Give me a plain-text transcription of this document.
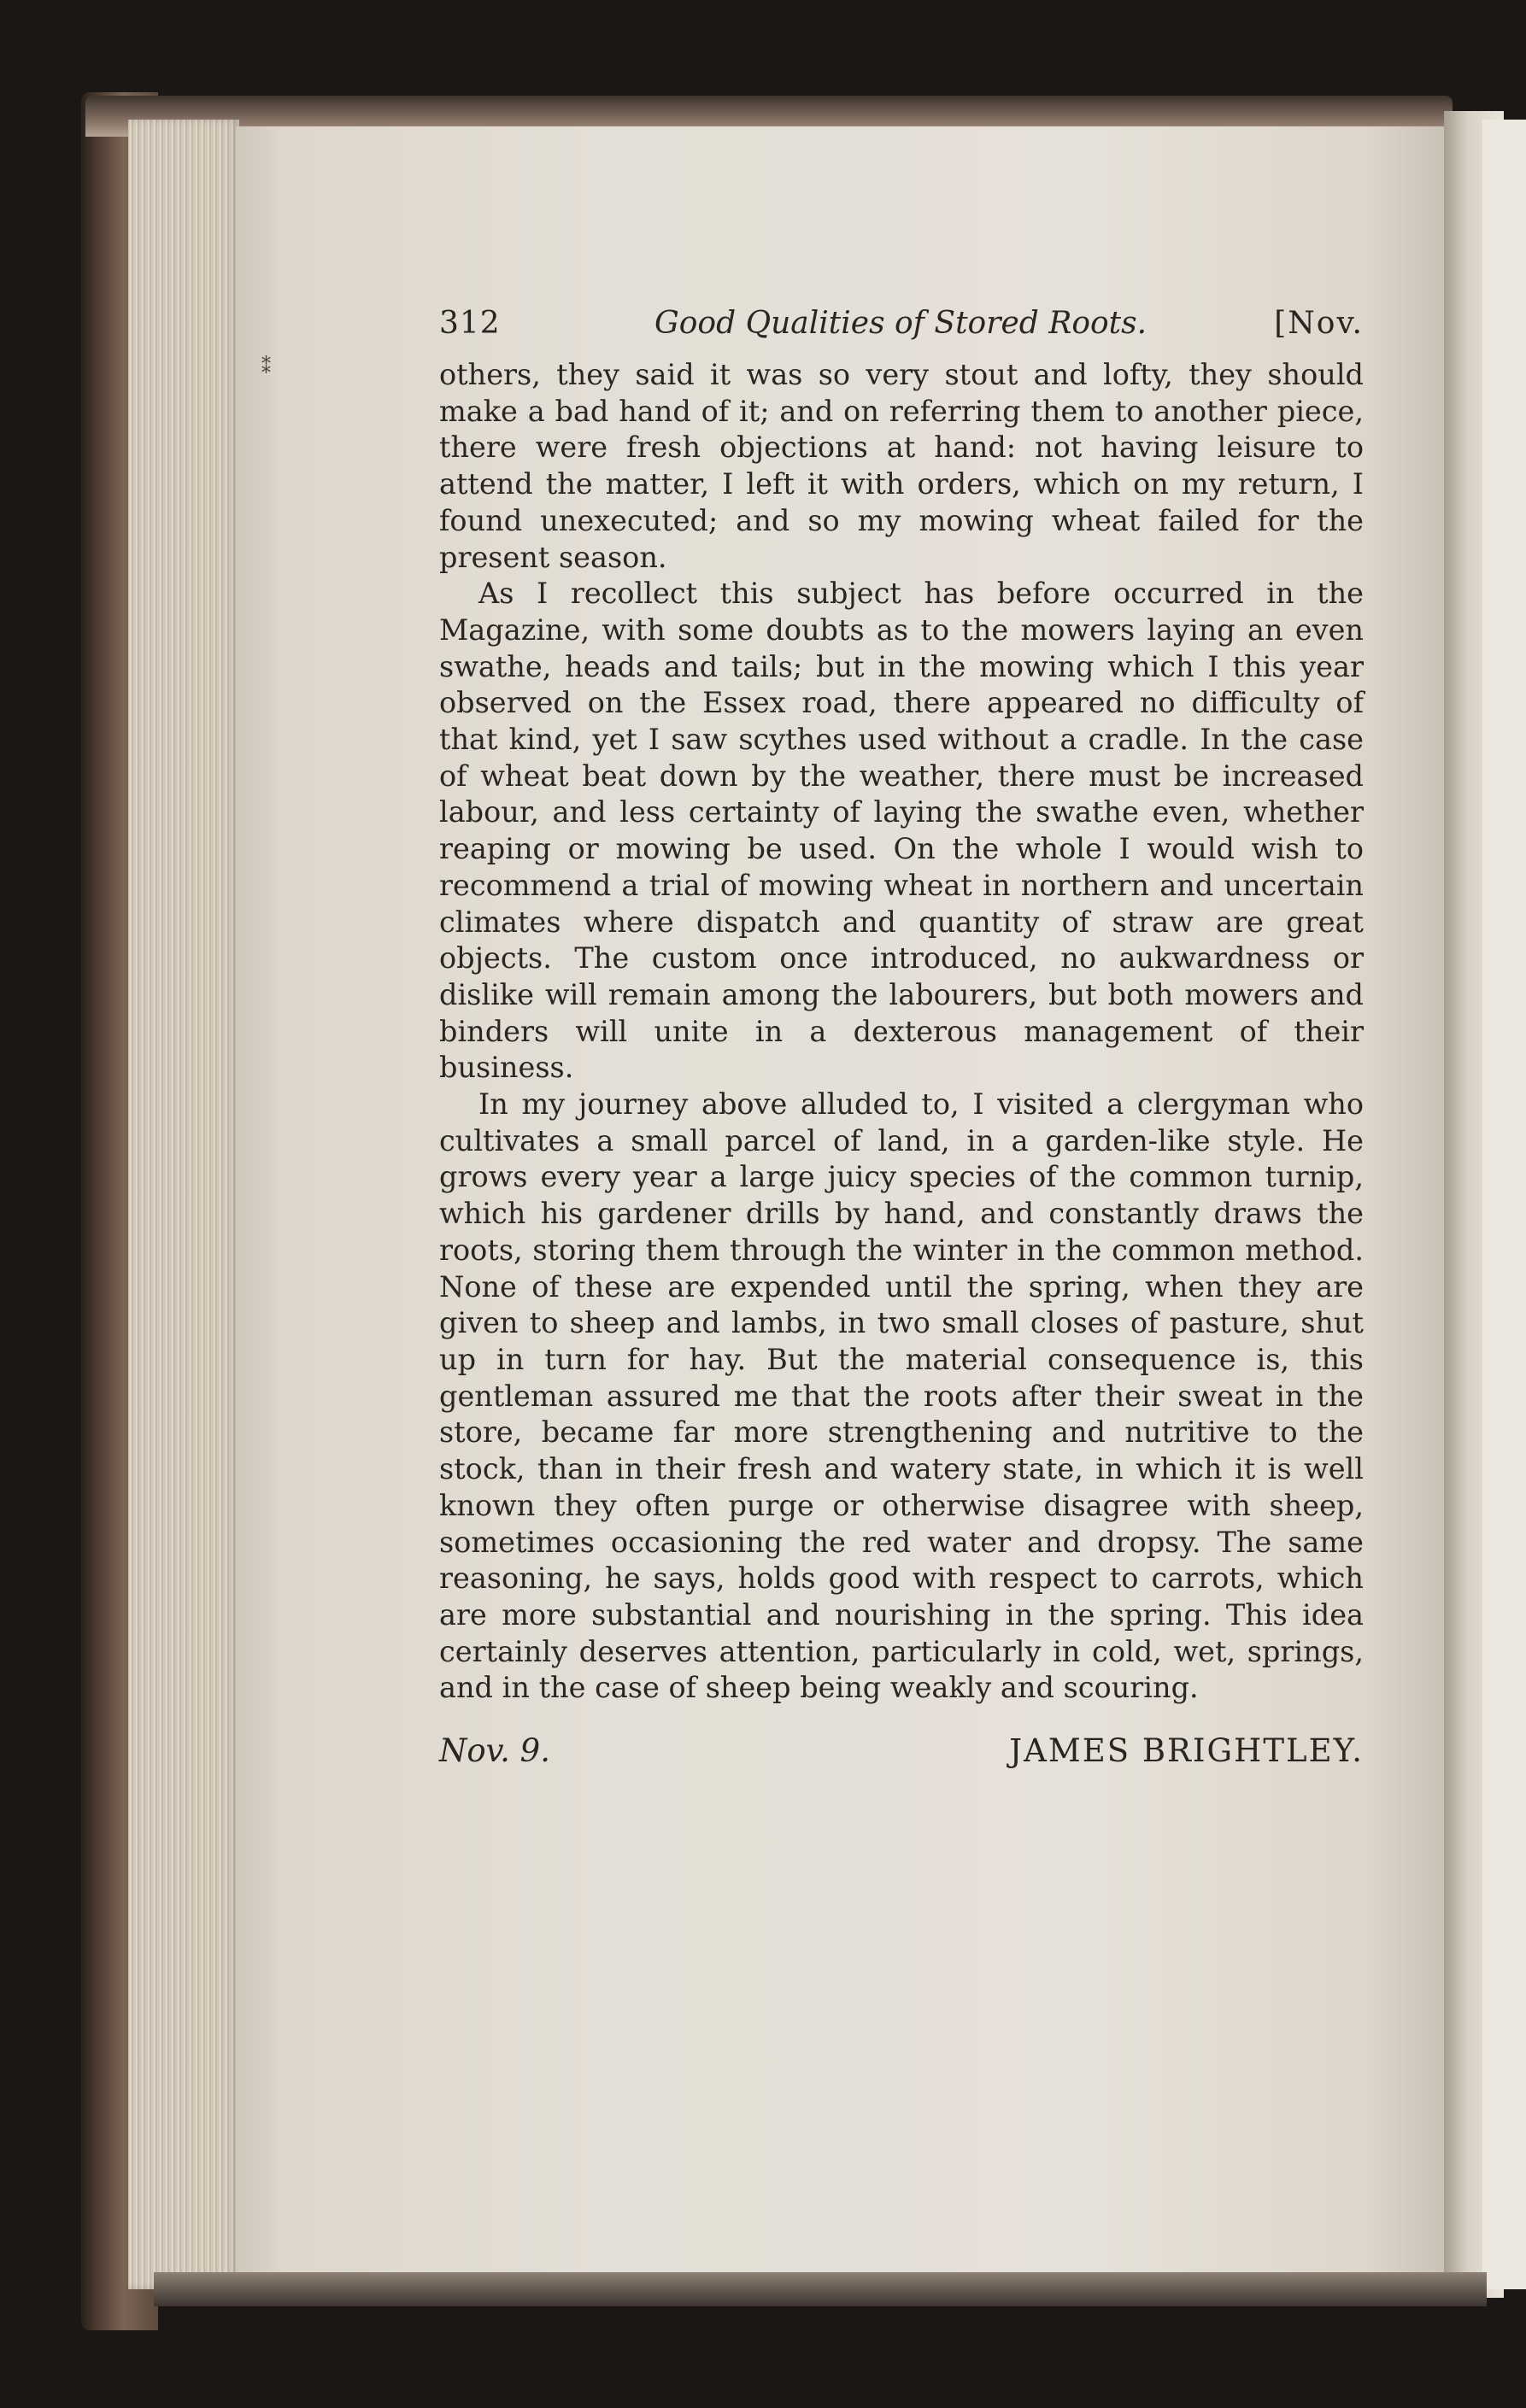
⁑
312	Good Qualities of Stored Roots.	[Nov.

others, they said it was so very stout and lofty, they should make a bad hand of it; and on referring them to another piece, there were fresh objections at hand: not having leisure to attend the matter, I left it with orders, which on my return, I found unexecuted; and so my mowing wheat failed for the present season.

As I recollect this subject has before occurred in the Magazine, with some doubts as to the mowers laying an even swathe, heads and tails; but in the mowing which I this year observed on the Essex road, there appeared no difficulty of that kind, yet I saw scythes used without a cradle. In the case of wheat beat down by the weather, there must be increased labour, and less certainty of laying the swathe even, whether reaping or mowing be used. On the whole I would wish to recommend a trial of mowing wheat in northern and uncertain climates where dispatch and quantity of straw are great objects. The custom once introduced, no aukwardness or dislike will remain among the labourers, but both mowers and binders will unite in a dexterous management of their business.

In my journey above alluded to, I visited a clergyman who cultivates a small parcel of land, in a garden-like style. He grows every year a large juicy species of the common turnip, which his gardener drills by hand, and constantly draws the roots, storing them through the winter in the common method. None of these are expended until the spring, when they are given to sheep and lambs, in two small closes of pasture, shut up in turn for hay. But the material consequence is, this gentleman assured me that the roots after their sweat in the store, became far more strengthening and nutritive to the stock, than in their fresh and watery state, in which it is well known they often purge or otherwise disagree with sheep, sometimes occasioning the red water and dropsy. The same reasoning, he says, holds good with respect to carrots, which are more substantial and nourishing in the spring. This idea certainly deserves attention, particularly in cold, wet, springs, and in the case of sheep being weakly and scouring.

Nov. 9.	JAMES BRIGHTLEY.
